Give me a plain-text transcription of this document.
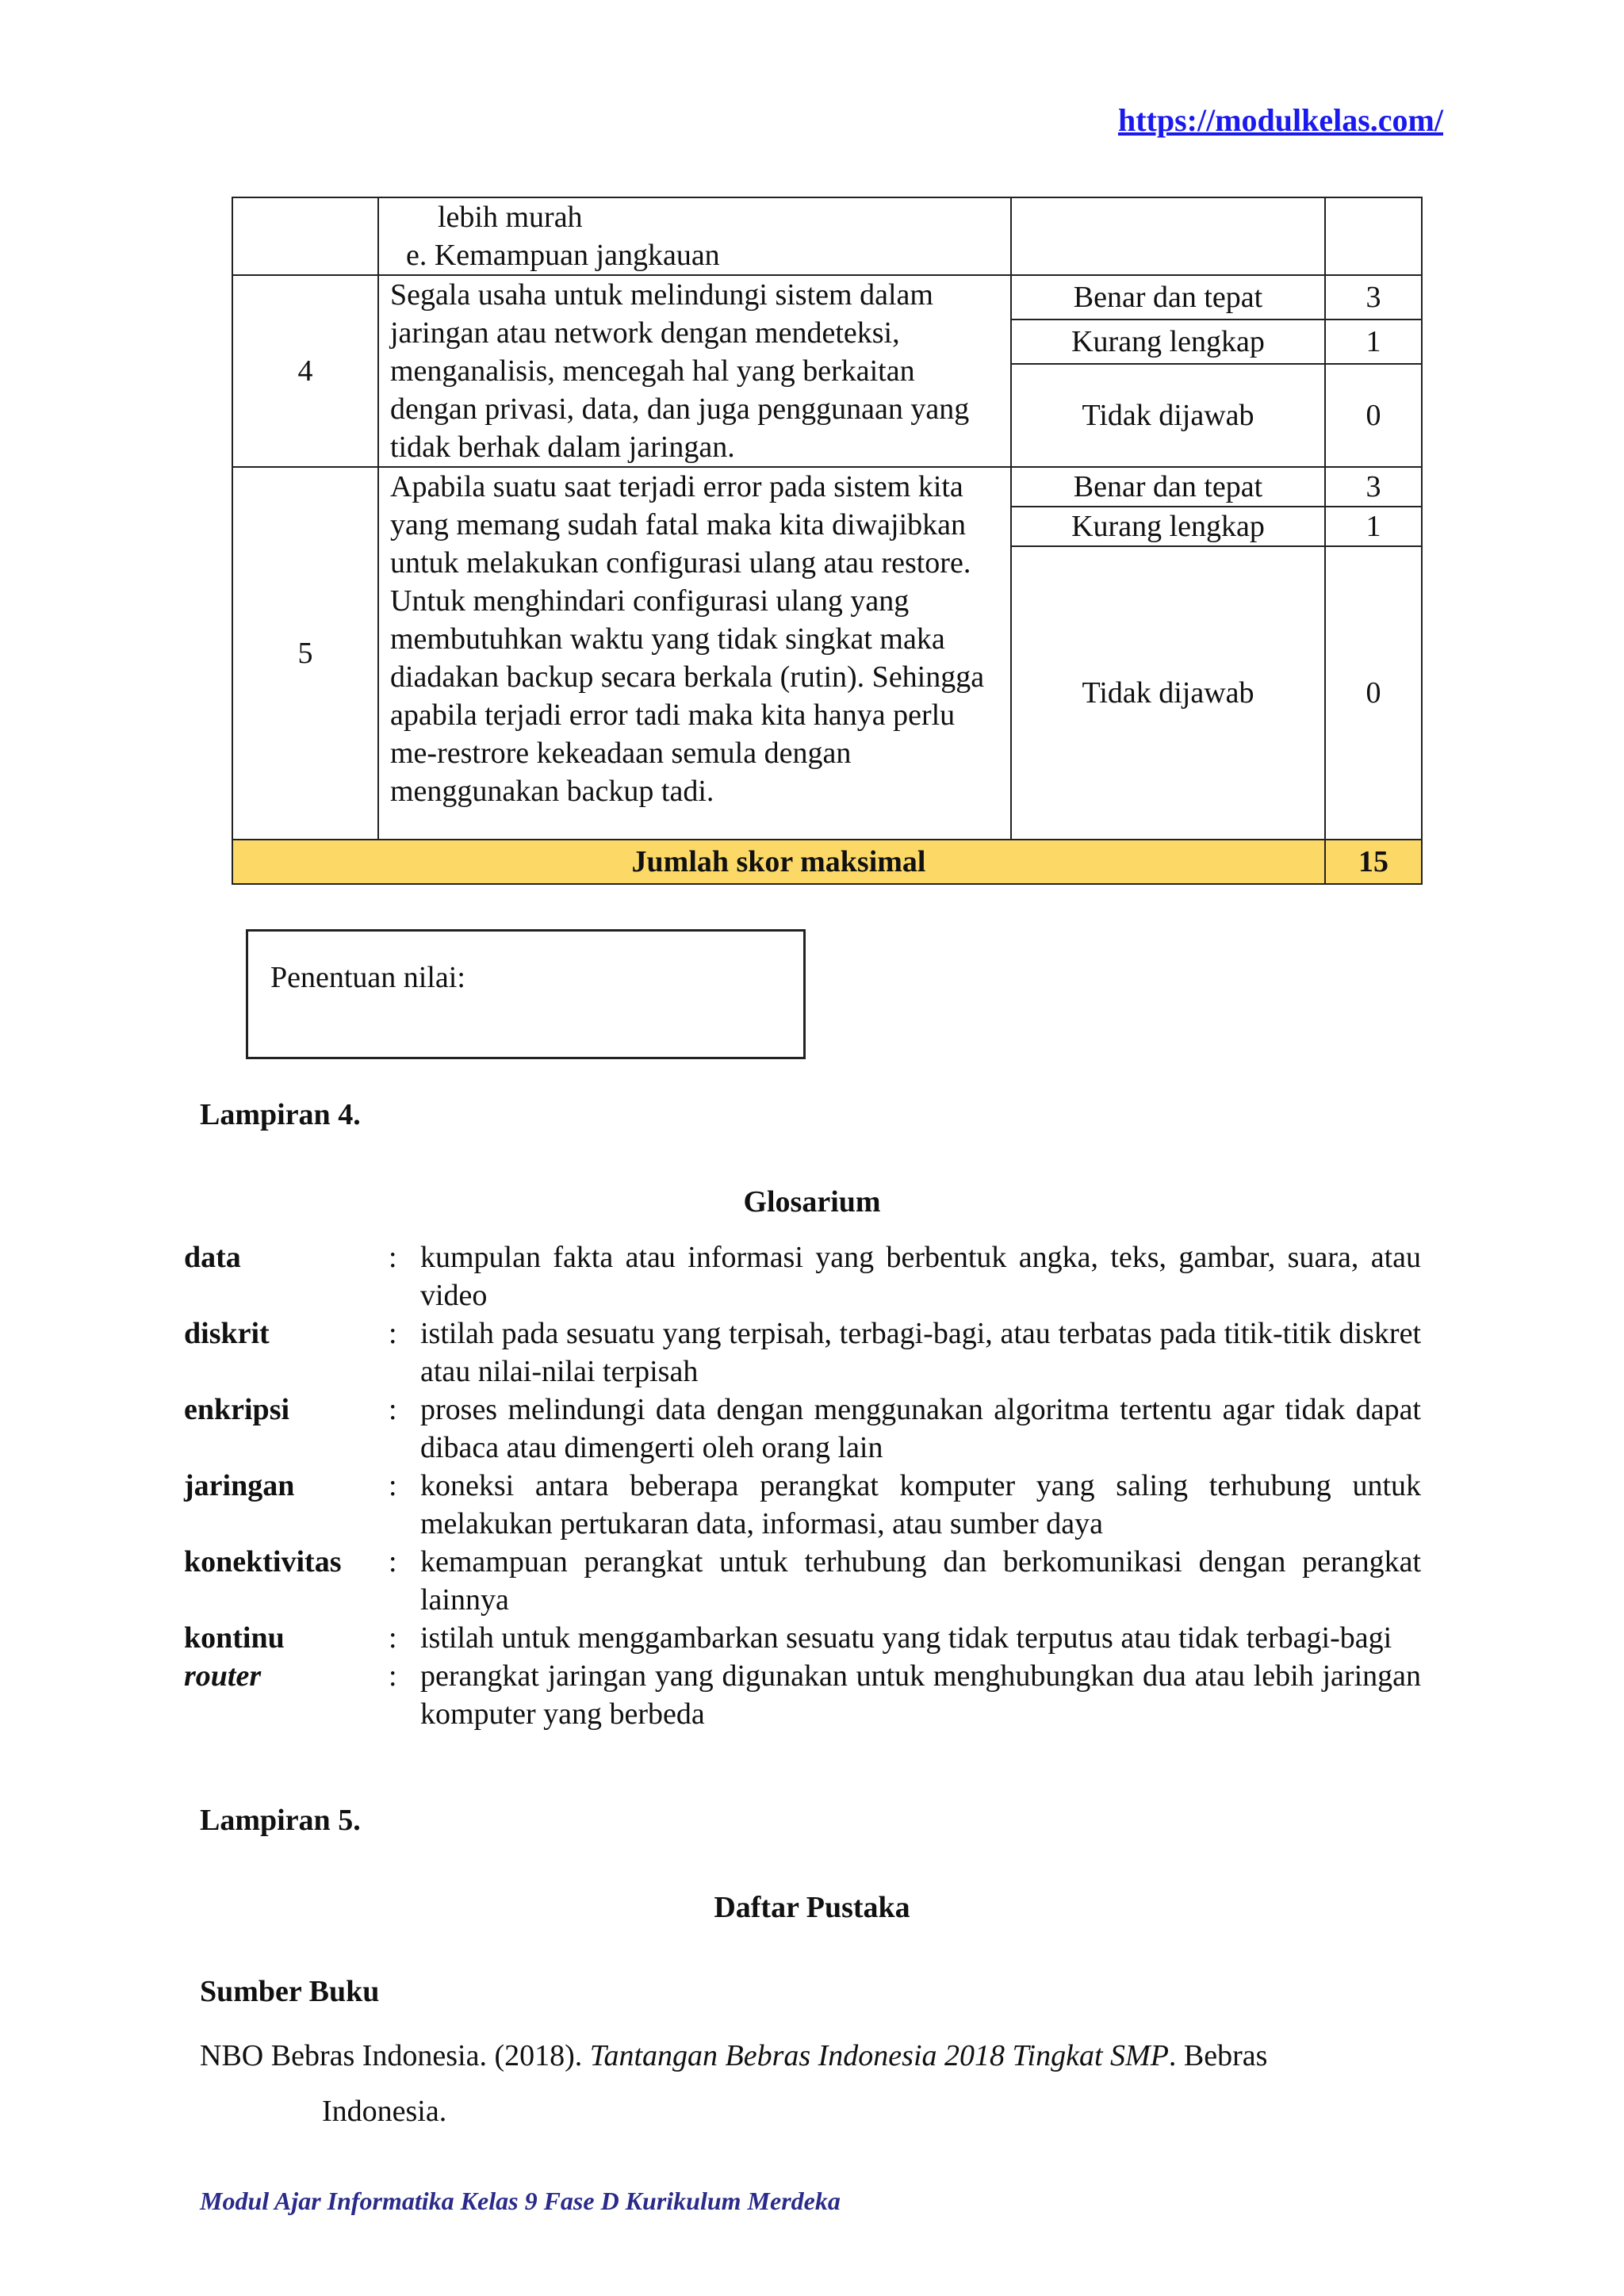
https://modulkelas.com/

	lebih murah
e. Kemampuan jangkauan		

4	Segala usaha untuk melindungi sistem dalam jaringan atau network dengan mendeteksi, menganalisis, mencegah hal yang berkaitan dengan privasi, data, dan juga penggunaan yang tidak berhak dalam jaringan.	Benar dan tepat	3
		Kurang lengkap	1
		Tidak dijawab	0
5	Apabila suatu saat terjadi error pada sistem kita yang memang sudah fatal maka kita diwajibkan untuk melakukan configurasi ulang atau restore. Untuk menghindari configurasi ulang yang membutuhkan waktu yang tidak singkat maka diadakan backup secara berkala (rutin). Sehingga apabila terjadi error tadi maka kita hanya perlu me-restrore kekeadaan semula dengan menggunakan backup tadi.	Benar dan tepat	3
		Kurang lengkap	1
		Tidak dijawab	0
Jumlah skor maksimal			15
Penentuan nilai:
Lampiran 4.
Glosarium
data	: kumpulan fakta atau informasi yang berbentuk angka, teks, gambar, suara, atau video
diskrit	: istilah pada sesuatu yang terpisah, terbagi-bagi, atau terbatas pada titik-titik diskret atau nilai-nilai terpisah
enkripsi	: proses melindungi data dengan menggunakan algoritma tertentu agar tidak dapat dibaca atau dimengerti oleh orang lain
jaringan	: koneksi antara beberapa perangkat komputer yang saling terhubung untuk melakukan pertukaran data, informasi, atau sumber daya
konektivitas	: kemampuan perangkat untuk terhubung dan berkomunikasi dengan perangkat lainnya
kontinu	: istilah untuk menggambarkan sesuatu yang tidak terputus atau tidak terbagi-bagi
router	: perangkat jaringan yang digunakan untuk menghubungkan dua atau lebih jaringan komputer yang berbeda
Lampiran 5.
Daftar Pustaka
Sumber Buku
NBO Bebras Indonesia. (2018). Tantangan Bebras Indonesia 2018 Tingkat SMP. Bebras
Indonesia.
Modul Ajar Informatika Kelas 9 Fase D Kurikulum Merdeka
